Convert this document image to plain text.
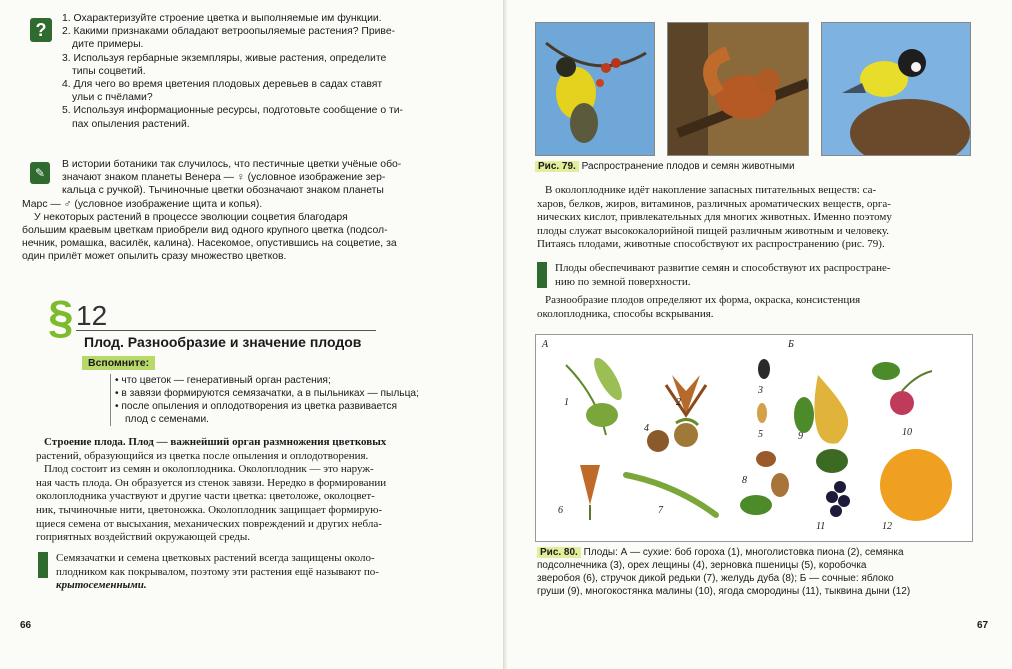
?

1. Охарактеризуйте строение цветка и выполняемые им функции.

2. Какими признаками обладают ветроопыляемые растения? Приве-

дите примеры.

3. Используя гербарные экземпляры, живые растения, определите

типы соцветий.

4. Для чего во время цветения плодовых деревьев в садах ставят

ульи с пчёлами?

5. Используя информационные ресурсы, подготовьте сообщение о ти-

пах опыления растений.

✎

В истории ботаники так случилось, что пестичные цветки учёные обо-

значают знаком планеты Венера — ♀ (условное изображение зер-

кальца с ручкой). Тычиночные цветки обозначают знаком планеты

Марс — ♂ (условное изображение щита и копья).

У некоторых растений в процессе эволюции соцветия благодаря

большим краевым цветкам приобрели вид одного крупного цветка (подсол-

нечник, ромашка, василёк, калина). Насекомое, опустившись на соцветие, за

один прилёт может опылить сразу множество цветков.

§ 12
Плод. Разнообразие и значение плодов
Вспомните:
• что цветок — генеративный орган растения;
• в завязи формируются семязачатки, а в пыльниках — пыльца;
• после опыления и оплодотворения из цветка развивается
плод с семенами.

Строение плода. Плод — важнейший орган размножения цветковых

растений, образующийся из цветка после опыления и оплодотворения.

Плод состоит из семян и околоплодника. Околоплодник — это наруж-

ная часть плода. Он образуется из стенок завязи. Нередко в формировании

околоплодника участвуют и другие части цветка: цветоложе, околоцвет-

ник, тычиночные нити, цветоножка. Околоплодник защищает формирую-

щиеся семена от высыхания, механических повреждений и других небла-

гоприятных воздействий окружающей среды.

Семязачатки и семена цветковых растений всегда защищены около-

плодником как покрывалом, поэтому эти растения ещё называют по-

крытосеменными.

66
Рис. 79. Распространение плодов и семян животными

В околоплоднике идёт накопление запасных питательных веществ: са-

харов, белков, жиров, витаминов, различных ароматических веществ, орга-

нических кислот, привлекательных для многих животных. Именно поэтому

плоды служат высококалорийной пищей различным животным и человеку.

Питаясь плодами, животные способствуют их распространению (рис. 79).

Плоды обеспечивают развитие семян и способствуют их распростране-

нию по земной поверхности.

Разнообразие плодов определяют их форма, окраска, консистенция

околоплодника, способы вскрывания.

А	Б
1	2
3
4
5
6	7
8
9	10
11	12
Рис. 80. Плоды: А — сухие: боб гороха (1), многолистовка пиона (2), семянка
подсолнечника (3), орех лещины (4), зерновка пшеницы (5), коробочка
зверобоя (6), стручок дикой редьки (7), желудь дуба (8); Б — сочные: яблоко
груши (9), многокостянка малины (10), ягода смородины (11), тыквина дыни (12)
67
